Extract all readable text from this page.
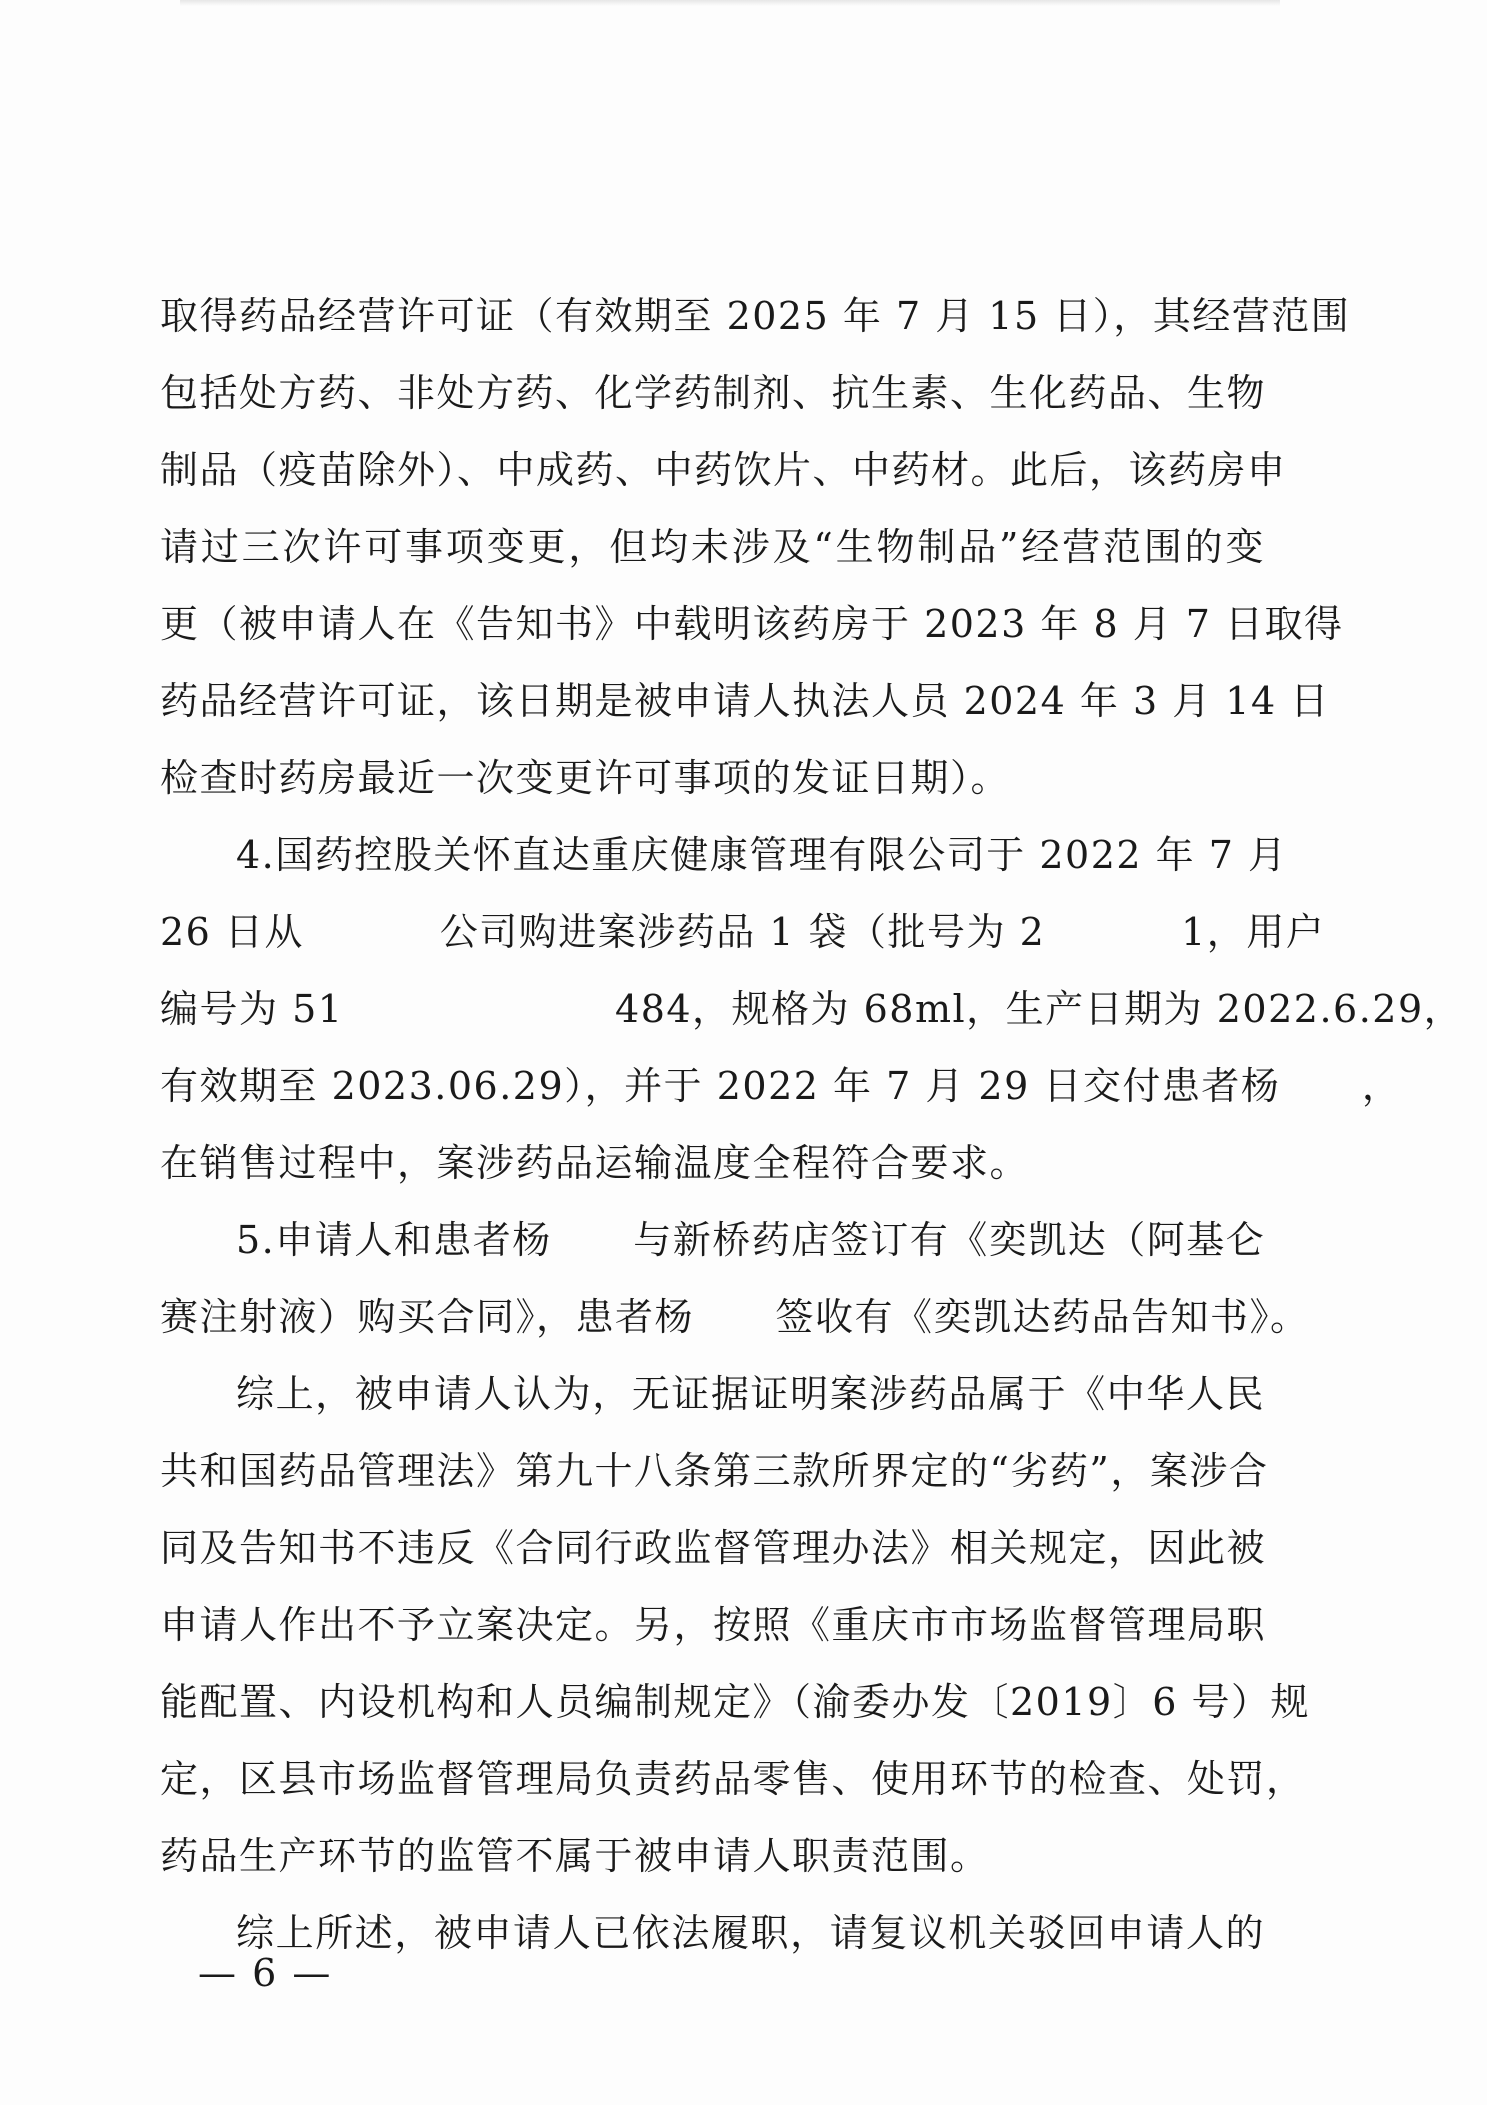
取得药品经营许可证（有效期至 2025 年 7 月 15 日），其经营范围
包括处方药、非处方药、化学药制剂、抗生素、生化药品、生物
制品（疫苗除外）、中成药、中药饮片、中药材。此后，该药房申
请过三次许可事项变更，但均未涉及“生物制品”经营范围的变
更（被申请人在《告知书》中载明该药房于 2023 年 8 月 7 日取得
药品经营许可证，该日期是被申请人执法人员 2024 年 3 月 14 日
检查时药房最近一次变更许可事项的发证日期）。
4.国药控股关怀直达重庆健康管理有限公司于 2022 年 7 月
26 日从          公司购进案涉药品 1 袋（批号为 2          1，用户
编号为 51                    484，规格为 68ml，生产日期为 2022.6.29，
有效期至 2023.06.29），并于 2022 年 7 月 29 日交付患者杨      ，
在销售过程中，案涉药品运输温度全程符合要求。
5.申请人和患者杨      与新桥药店签订有《奕凯达（阿基仑
赛注射液）购买合同》，患者杨      签收有《奕凯达药品告知书》。
综上，被申请人认为，无证据证明案涉药品属于《中华人民
共和国药品管理法》第九十八条第三款所界定的“劣药”，案涉合
同及告知书不违反《合同行政监督管理办法》相关规定，因此被
申请人作出不予立案决定。另，按照《重庆市市场监督管理局职
能配置、内设机构和人员编制规定》（渝委办发〔2019〕6 号）规
定，区县市场监督管理局负责药品零售、使用环节的检查、处罚，
药品生产环节的监管不属于被申请人职责范围。
综上所述，被申请人已依法履职，请复议机关驳回申请人的
— 6 —
